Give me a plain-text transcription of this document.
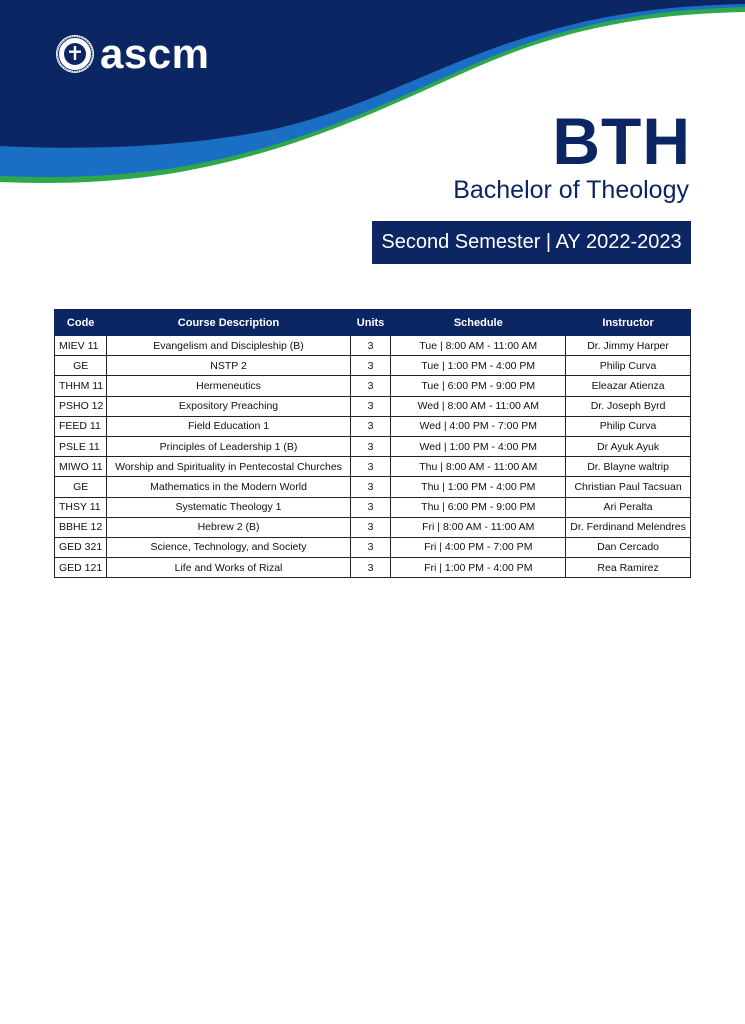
ascm
BTH
Bachelor of Theology
Second Semester | AY 2022-2023
Code	Course Description	Units	Schedule	Instructor
MIEV 11	Evangelism and Discipleship (B)	3	Tue | 8:00 AM - 11:00 AM	Dr. Jimmy Harper
GE	NSTP 2	3	Tue | 1:00 PM - 4:00 PM	Philip Curva
THHM 11	Hermeneutics	3	Tue | 6:00 PM - 9:00 PM	Eleazar Atienza
PSHO 12	Expository Preaching	3	Wed | 8:00 AM - 11:00 AM	Dr. Joseph Byrd
FEED 11	Field Education 1	3	Wed | 4:00 PM - 7:00 PM	Philip Curva
PSLE 11	Principles of Leadership 1 (B)	3	Wed | 1:00 PM - 4:00 PM	Dr Ayuk Ayuk
MIWO 11	Worship and Spirituality in Pentecostal Churches	3	Thu | 8:00 AM - 11:00 AM	Dr. Blayne waltrip
GE	Mathematics in the Modern World	3	Thu | 1:00 PM - 4:00 PM	Christian Paul Tacsuan
THSY 11	Systematic Theology 1	3	Thu | 6:00 PM - 9:00 PM	Ari Peralta
BBHE 12	Hebrew 2 (B)	3	Fri | 8:00 AM - 11:00 AM	Dr. Ferdinand Melendres
GED 321	Science, Technology, and Society	3	Fri | 4:00 PM - 7:00 PM	Dan Cercado
GED 121	Life and Works of Rizal	3	Fri | 1:00 PM - 4:00 PM	Rea Ramirez
